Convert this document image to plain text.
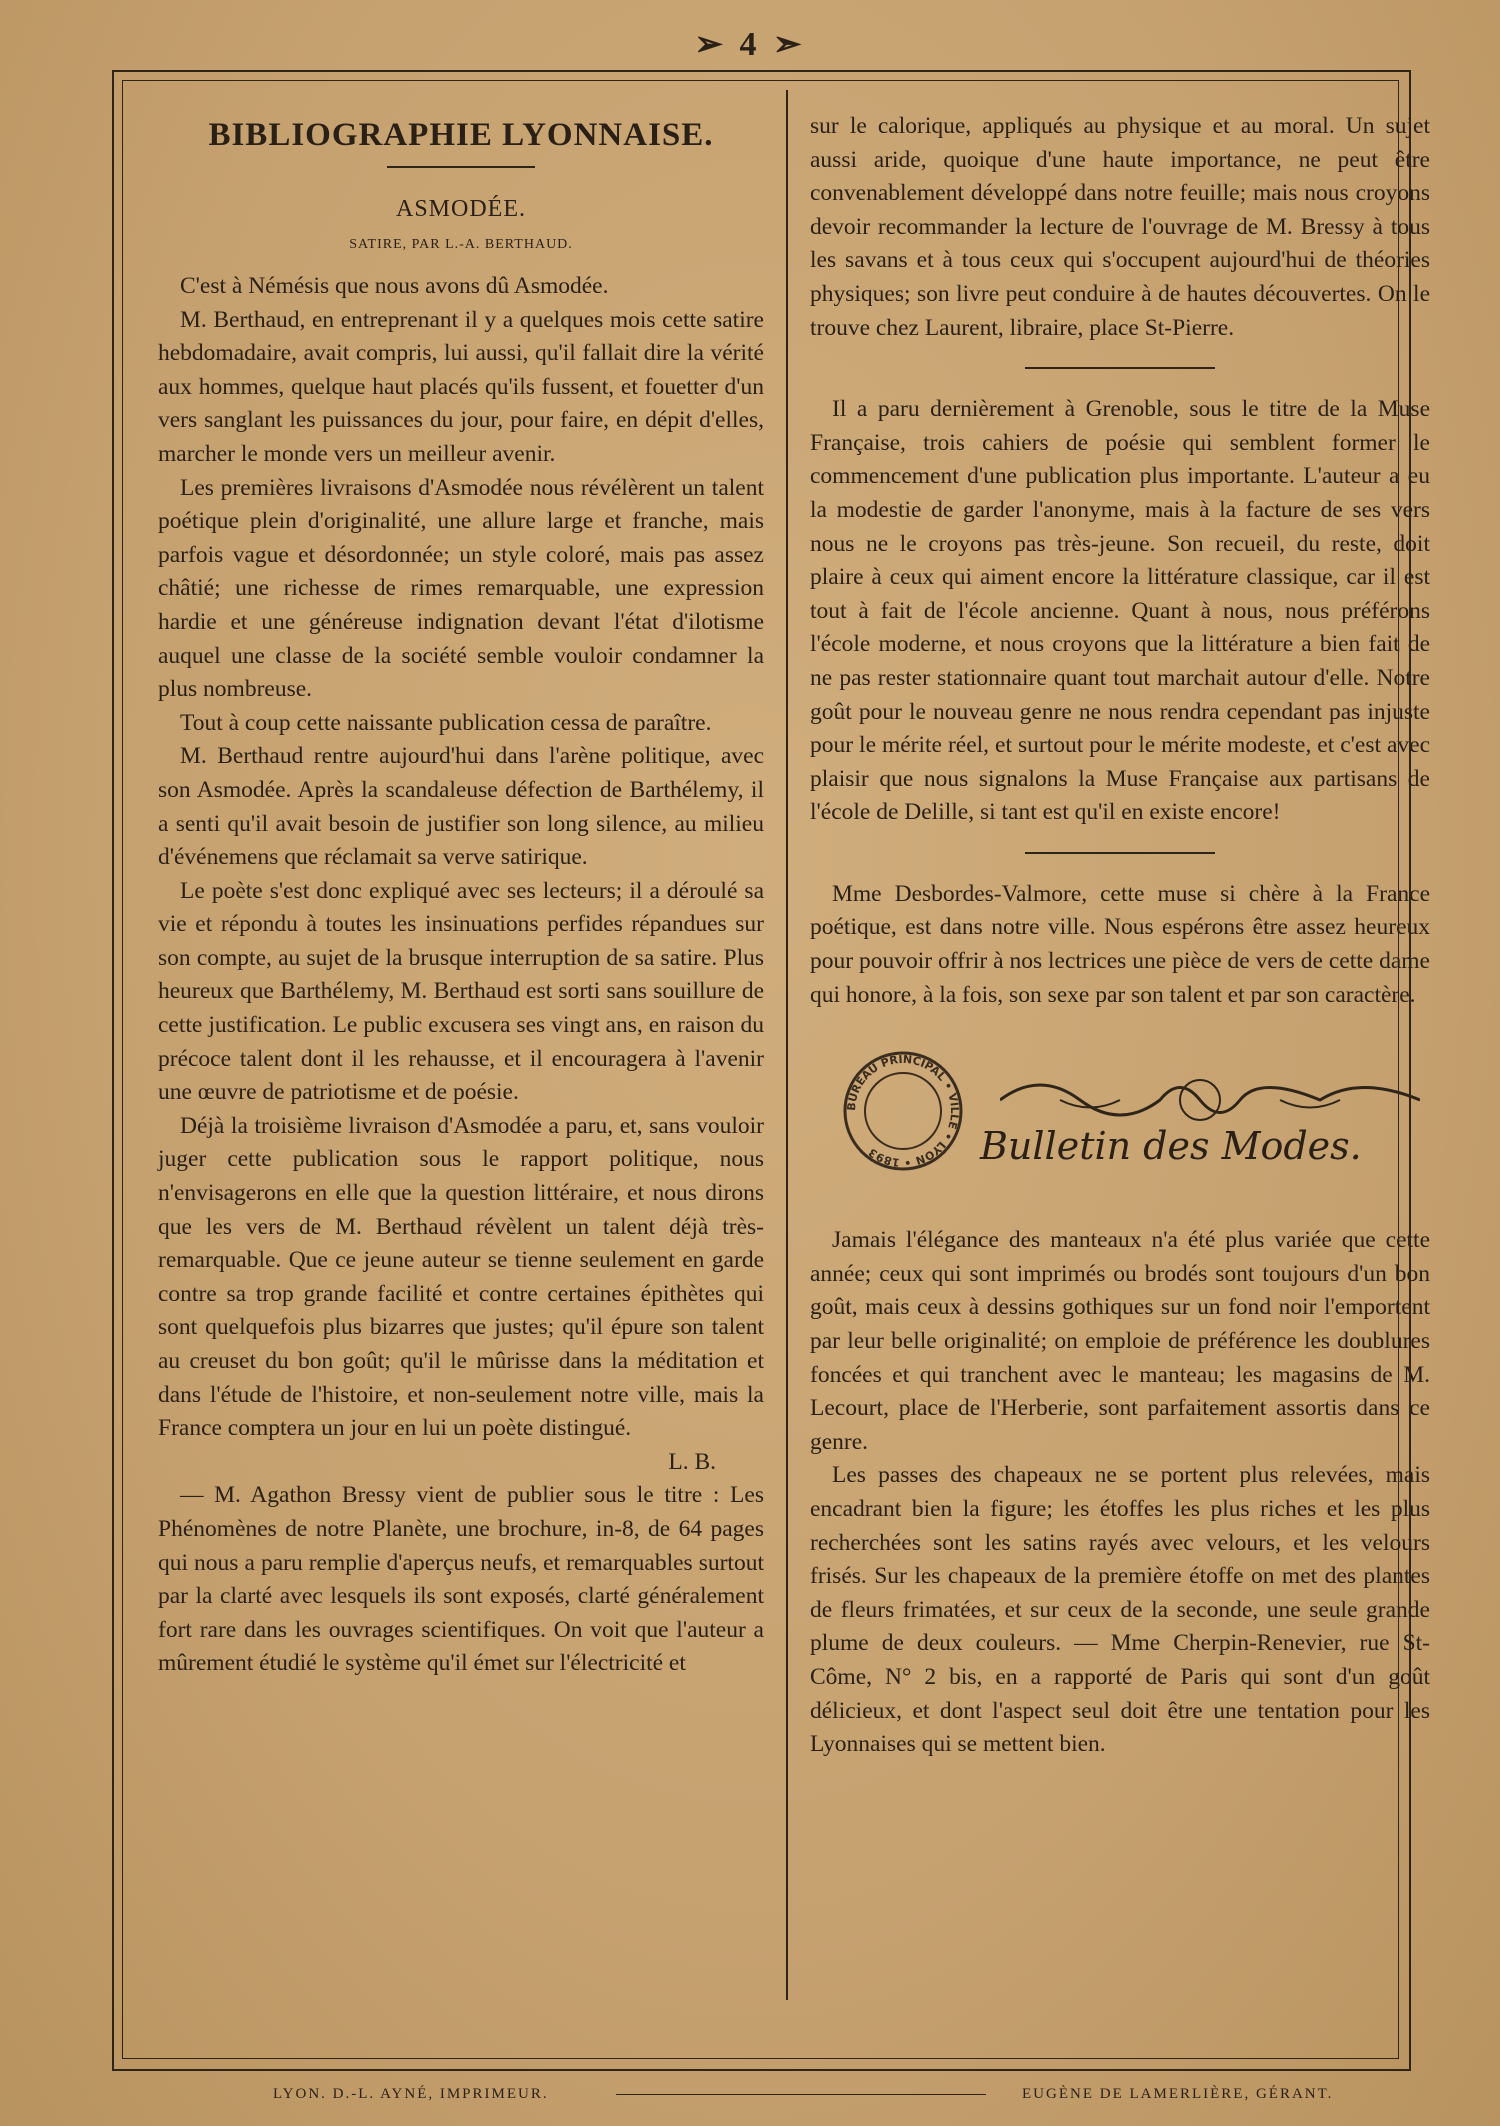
➢ 4 ➣
BIBLIOGRAPHIE LYONNAISE.
ASMODÉE.
SATIRE, PAR L.-A. BERTHAUD.

C'est à Némésis que nous avons dû Asmodée.

M. Berthaud, en entreprenant il y a quelques mois cette satire hebdomadaire, avait compris, lui aussi, qu'il fallait dire la vérité aux hommes, quelque haut placés qu'ils fussent, et fouetter d'un vers sanglant les puissances du jour, pour faire, en dépit d'elles, marcher le monde vers un meilleur avenir.

Les premières livraisons d'Asmodée nous révélèrent un talent poétique plein d'originalité, une allure large et franche, mais parfois vague et désordonnée; un style coloré, mais pas assez châtié; une richesse de rimes remarquable, une expression hardie et une généreuse indignation devant l'état d'ilotisme auquel une classe de la société semble vouloir condamner la plus nombreuse.

Tout à coup cette naissante publication cessa de paraître.

M. Berthaud rentre aujourd'hui dans l'arène politique, avec son Asmodée. Après la scandaleuse défection de Barthélemy, il a senti qu'il avait besoin de justifier son long silence, au milieu d'événemens que réclamait sa verve satirique.

Le poète s'est donc expliqué avec ses lecteurs; il a déroulé sa vie et répondu à toutes les insinuations perfides répandues sur son compte, au sujet de la brusque interruption de sa satire. Plus heureux que Barthélemy, M. Berthaud est sorti sans souillure de cette justification. Le public excusera ses vingt ans, en raison du précoce talent dont il les rehausse, et il encouragera à l'avenir une œuvre de patriotisme et de poésie.

Déjà la troisième livraison d'Asmodée a paru, et, sans vouloir juger cette publication sous le rapport politique, nous n'envisagerons en elle que la question littéraire, et nous dirons que les vers de M. Berthaud révèlent un talent déjà très-remarquable. Que ce jeune auteur se tienne seulement en garde contre sa trop grande facilité et contre certaines épithètes qui sont quelquefois plus bizarres que justes; qu'il épure son talent au creuset du bon goût; qu'il le mûrisse dans la méditation et dans l'étude de l'histoire, et non-seulement notre ville, mais la France comptera un jour en lui un poète distingué.

L. B.

— M. Agathon Bressy vient de publier sous le titre : Les Phénomènes de notre Planète, une brochure, in-8, de 64 pages qui nous a paru remplie d'aperçus neufs, et remarquables surtout par la clarté avec lesquels ils sont exposés, clarté généralement fort rare dans les ouvrages scientifiques. On voit que l'auteur a mûrement étudié le système qu'il émet sur l'électricité et

sur le calorique, appliqués au physique et au moral. Un sujet aussi aride, quoique d'une haute importance, ne peut être convenablement développé dans notre feuille; mais nous croyons devoir recommander la lecture de l'ouvrage de M. Bressy à tous les savans et à tous ceux qui s'occupent aujourd'hui de théories physiques; son livre peut conduire à de hautes découvertes. On le trouve chez Laurent, libraire, place St-Pierre.

Il a paru dernièrement à Grenoble, sous le titre de la Muse Française, trois cahiers de poésie qui semblent former le commencement d'une publication plus importante. L'auteur a eu la modestie de garder l'anonyme, mais à la facture de ses vers nous ne le croyons pas très-jeune. Son recueil, du reste, doit plaire à ceux qui aiment encore la littérature classique, car il est tout à fait de l'école ancienne. Quant à nous, nous préférons l'école moderne, et nous croyons que la littérature a bien fait de ne pas rester stationnaire quant tout marchait autour d'elle. Notre goût pour le nouveau genre ne nous rendra cependant pas injuste pour le mérite réel, et surtout pour le mérite modeste, et c'est avec plaisir que nous signalons la Muse Française aux partisans de l'école de Delille, si tant est qu'il en existe encore!

Mme Desbordes-Valmore, cette muse si chère à la France poétique, est dans notre ville. Nous espérons être assez heureux pour pouvoir offrir à nos lectrices une pièce de vers de cette dame qui honore, à la fois, son sexe par son talent et par son caractère.

BUREAU PRINCIPAL • VILLE • LYON • 1893	Bulletin des Modes.

Jamais l'élégance des manteaux n'a été plus variée que cette année; ceux qui sont imprimés ou brodés sont toujours d'un bon goût, mais ceux à dessins gothiques sur un fond noir l'emportent par leur belle originalité; on emploie de préférence les doublures foncées et qui tranchent avec le manteau; les magasins de M. Lecourt, place de l'Herberie, sont parfaitement assortis dans ce genre.

Les passes des chapeaux ne se portent plus relevées, mais encadrant bien la figure; les étoffes les plus riches et les plus recherchées sont les satins rayés avec velours, et les velours frisés. Sur les chapeaux de la première étoffe on met des plantes de fleurs frimatées, et sur ceux de la seconde, une seule grande plume de deux couleurs. — Mme Cherpin-Renevier, rue St-Côme, N° 2 bis, en a rapporté de Paris qui sont d'un goût délicieux, et dont l'aspect seul doit être une tentation pour les Lyonnaises qui se mettent bien.

LYON. D.-L. AYNÉ, IMPRIMEUR.	EUGÈNE DE LAMERLIÈRE, GÉRANT.
